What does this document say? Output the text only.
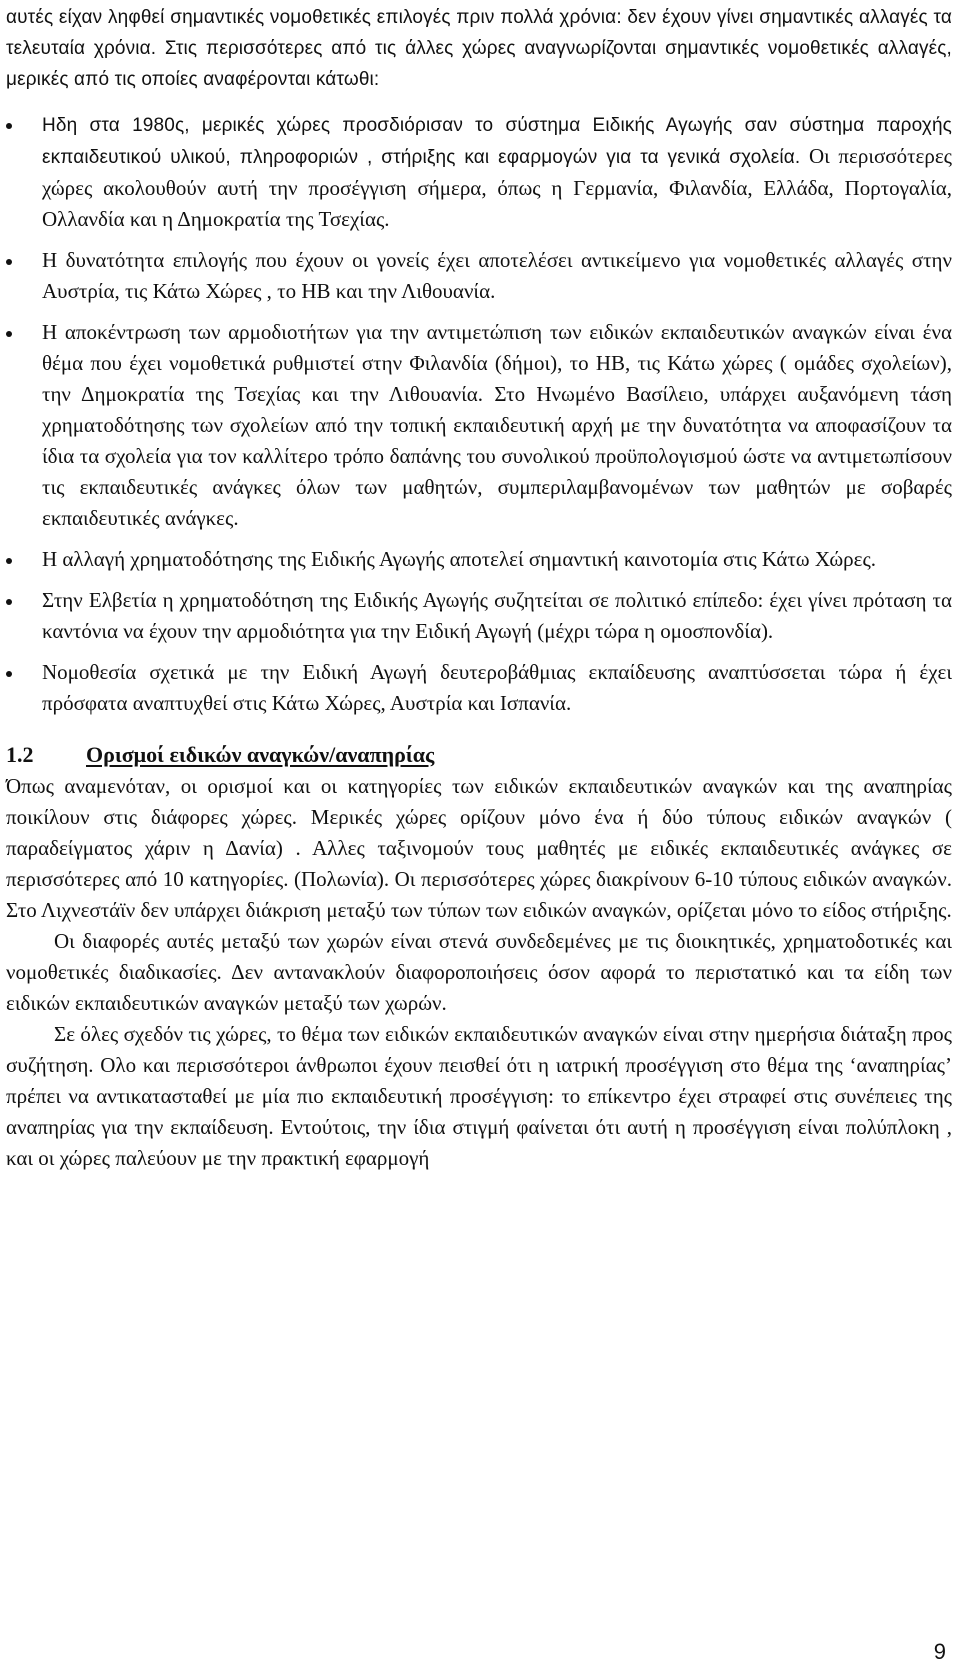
αυτές είχαν ληφθεί σημαντικές νομοθετικές επιλογές πριν πολλά χρόνια: δεν έχουν γίνει σημαντικές αλλαγές τα τελευταία χρόνια. Στις περισσότερες από τις άλλες χώρες αναγνωρίζονται σημαντικές νομοθετικές αλλαγές, μερικές από τις οποίες αναφέρονται κάτωθι:

Ηδη στα 1980ς, μερικές χώρες προσδιόρισαν το σύστημα Ειδικής Αγωγής σαν σύστημα παροχής εκπαιδευτικού υλικού, πληροφοριών , στήριξης και εφαρμογών για τα γενικά σχολεία. Οι περισσότερες χώρες ακολουθούν αυτή την προσέγγιση σήμερα, όπως η Γερμανία, Φιλανδία, Ελλάδα, Πορτογαλία, Ολλανδία και η Δημοκρατία της Τσεχίας.
Η δυνατότητα επιλογής που έχουν οι γονείς έχει αποτελέσει αντικείμενο για νομοθετικές αλλαγές στην Αυστρία, τις Κάτω Χώρες , το ΗΒ και την Λιθουανία.
Η αποκέντρωση των αρμοδιοτήτων για την αντιμετώπιση των ειδικών εκπαιδευτικών αναγκών είναι ένα θέμα που έχει νομοθετικά ρυθμιστεί στην Φιλανδία (δήμοι), το ΗΒ, τις Κάτω χώρες ( ομάδες σχολείων), την Δημοκρατία της Τσεχίας και την Λιθουανία. Στο Ηνωμένο Βασίλειο, υπάρχει αυξανόμενη τάση χρηματοδότησης των σχολείων από την τοπική εκπαιδευτική αρχή με την δυνατότητα να αποφασίζουν τα ίδια τα σχολεία για τον καλλίτερο τρόπο δαπάνης του συνολικού προϋπολογισμού ώστε να αντιμετωπίσουν τις εκπαιδευτικές ανάγκες όλων των μαθητών, συμπεριλαμβανομένων των μαθητών με σοβαρές εκπαιδευτικές ανάγκες.
Η αλλαγή χρηματοδότησης της Ειδικής Αγωγής αποτελεί σημαντική καινοτομία στις Κάτω Χώρες.
Στην Ελβετία η χρηματοδότηση της Ειδικής Αγωγής συζητείται σε πολιτικό επίπεδο: έχει γίνει πρόταση τα καντόνια να έχουν την αρμοδιότητα για την Ειδική Αγωγή (μέχρι τώρα η ομοσπονδία).
Νομοθεσία σχετικά με την Ειδική Αγωγή δευτεροβάθμιας εκπαίδευσης αναπτύσσεται τώρα ή έχει πρόσφατα αναπτυχθεί στις Κάτω Χώρες, Αυστρία και Ισπανία.
1.2	Ορισμοί ειδικών αναγκών/αναπηρίας

Όπως αναμενόταν, οι ορισμοί και οι κατηγορίες των ειδικών εκπαιδευτικών αναγκών και της αναπηρίας ποικίλουν στις διάφορες χώρες. Μερικές χώρες ορίζουν μόνο ένα ή δύο τύπους ειδικών αναγκών ( παραδείγματος χάριν η Δανία) . Αλλες ταξινομούν τους μαθητές με ειδικές εκπαιδευτικές ανάγκες σε περισσότερες από 10 κατηγορίες. (Πολωνία). Οι περισσότερες χώρες διακρίνουν 6-10 τύπους ειδικών αναγκών. Στο Λιχνεστάϊν δεν υπάρχει διάκριση μεταξύ των τύπων των ειδικών αναγκών, ορίζεται μόνο το είδος στήριξης.

Οι διαφορές αυτές μεταξύ των χωρών είναι στενά συνδεδεμένες με τις διοικητικές, χρηματοδοτικές και νομοθετικές διαδικασίες. Δεν αντανακλούν διαφοροποιήσεις όσον αφορά το περιστατικό και τα είδη των ειδικών εκπαιδευτικών αναγκών μεταξύ των χωρών.

Σε όλες σχεδόν τις χώρες, το θέμα των ειδικών εκπαιδευτικών αναγκών είναι στην ημερήσια διάταξη προς συζήτηση. Ολο και περισσότεροι άνθρωποι έχουν πεισθεί ότι η ιατρική προσέγγιση στο θέμα της ‘αναπηρίας’ πρέπει να αντικατασταθεί με μία πιο εκπαιδευτική προσέγγιση: το επίκεντρο έχει στραφεί στις συνέπειες της αναπηρίας για την εκπαίδευση. Εντούτοις, την ίδια στιγμή φαίνεται ότι αυτή η προσέγγιση είναι πολύπλοκη , και οι χώρες παλεύουν με την πρακτική εφαρμογή

9
